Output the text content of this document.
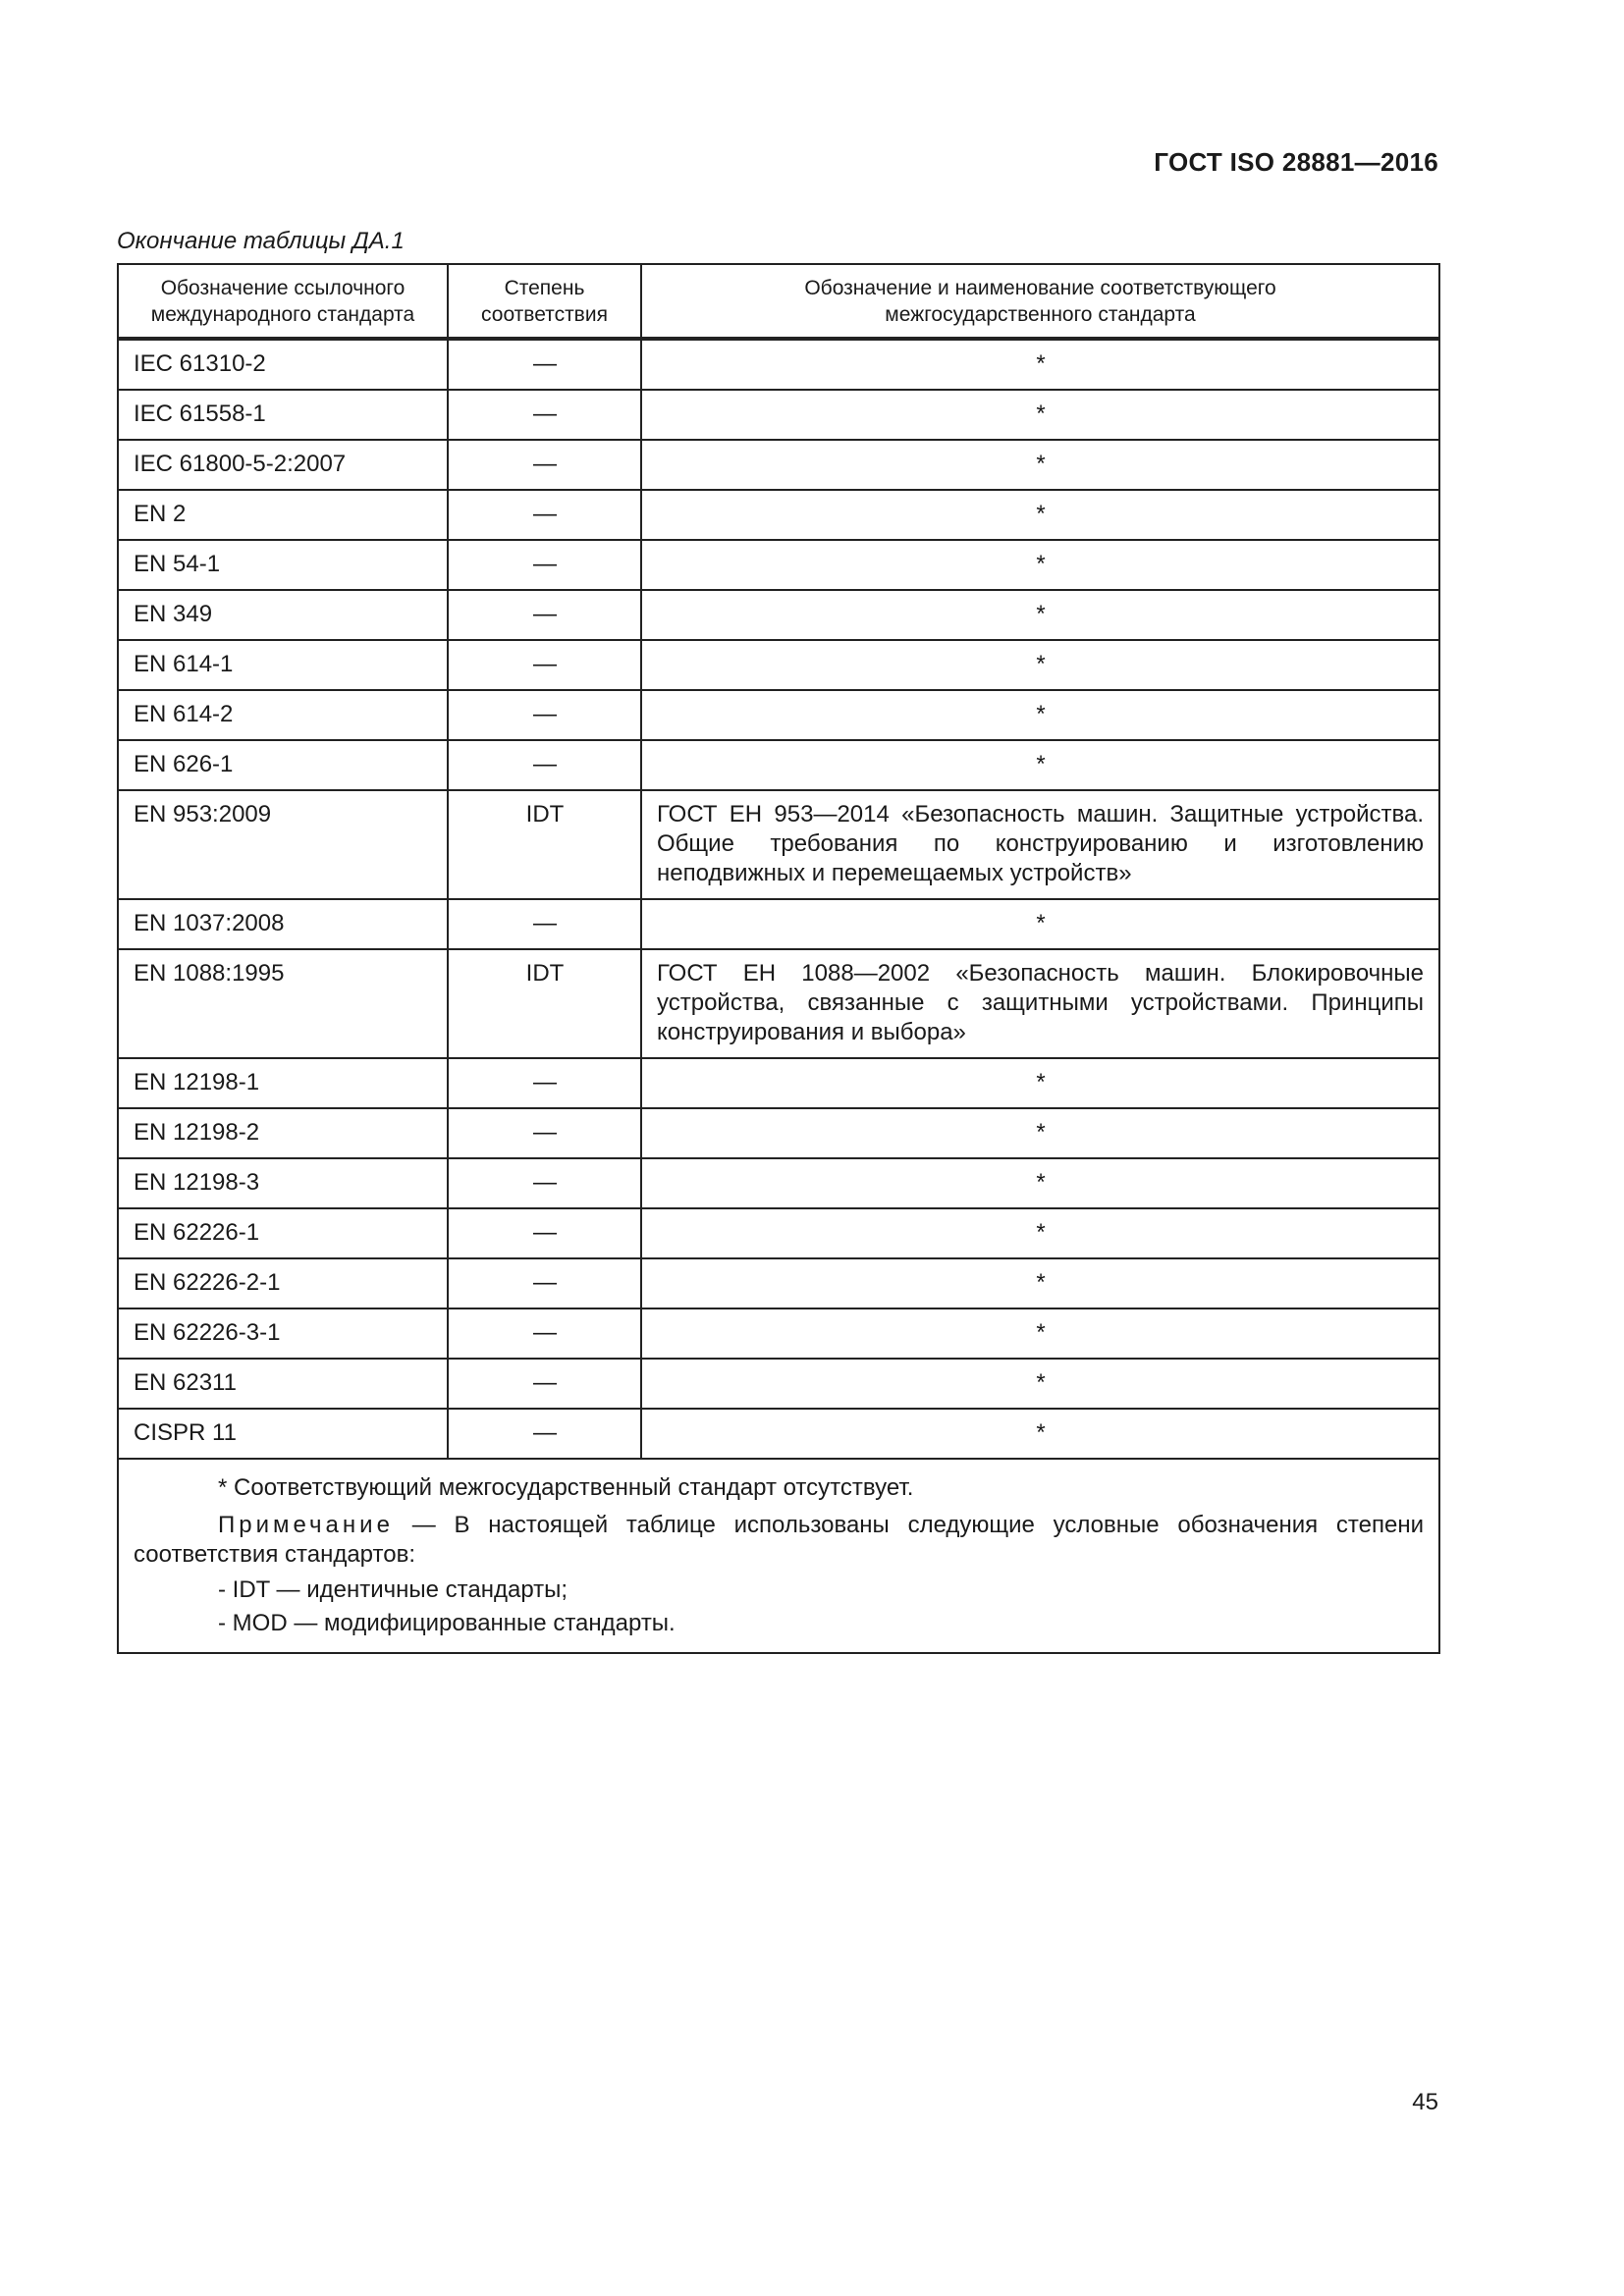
ГОСТ ISO 28881—2016
Окончание таблицы ДА.1
Обозначение ссылочного международного стандарта	Степень соответствия	Обозначение и наименование соответствующего межгосударственного стандарта
IEC 61310-2	—	*
IEC 61558-1	—	*
IEC 61800-5-2:2007	—	*
EN 2	—	*
EN 54-1	—	*
EN 349	—	*
EN 614-1	—	*
EN 614-2	—	*
EN 626-1	—	*
EN 953:2009	IDT	ГОСТ ЕН 953—2014 «Безопасность машин. Защитные устройства. Общие требования по конструированию и изготовлению неподвижных и перемещаемых устройств»
EN 1037:2008	—	*
EN 1088:1995	IDT	ГОСТ ЕН 1088—2002 «Безопасность машин. Блокировочные устройства, связанные с защитными устройствами. Принципы конструирования и выбора»
EN 12198-1	—	*
EN 12198-2	—	*
EN 12198-3	—	*
EN 62226-1	—	*
EN 62226-2-1	—	*
EN 62226-3-1	—	*
EN 62311	—	*
CISPR 11	—	*

* Соответствующий межгосударственный стандарт отсутствует.

Примечание — В настоящей таблице использованы следующие условные обозначения степени соответствия стандартов:

- IDT — идентичные стандарты;

- MOD — модифицированные стандарты.		

45
